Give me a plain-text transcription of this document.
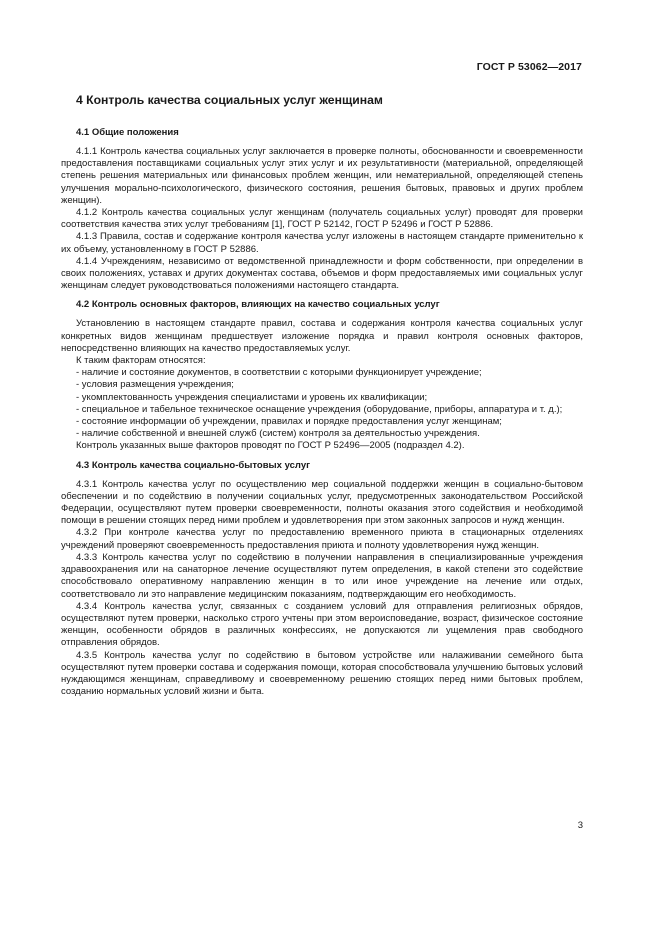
ГОСТ Р 53062—2017
4 Контроль качества социальных услуг женщинам
4.1 Общие положения

4.1.1 Контроль качества социальных услуг заключается в проверке полноты, обоснованности и своевременности предоставления поставщиками социальных услуг этих услуг и их результативности (материальной, определяющей степень решения материальных или финансовых проблем женщин, или нематериальной, определяющей степень улучшения морально-психологического, физического состояния, решения бытовых, правовых и других проблем женщин).

4.1.2 Контроль качества социальных услуг женщинам (получатель социальных услуг) проводят для проверки соответствия качества этих услуг требованиям [1], ГОСТ Р 52142, ГОСТ Р 52496 и ГОСТ Р 52886.

4.1.3 Правила, состав и содержание контроля качества услуг изложены в настоящем стандарте применительно к их объему, установленному в ГОСТ Р 52886.

4.1.4 Учреждениям, независимо от ведомственной принадлежности и форм собственности, при определении в своих положениях, уставах и других документах состава, объемов и форм предоставляемых ими социальных услуг женщинам следует руководствоваться положениями настоящего стандарта.

4.2 Контроль основных факторов, влияющих на качество социальных услуг

Установлению в настоящем стандарте правил, состава и содержания контроля качества социальных услуг конкретных видов женщинам предшествует изложение порядка и правил контроля основных факторов, непосредственно влияющих на качество предоставляемых услуг.

К таким факторам относятся:

- наличие и состояние документов, в соответствии с которыми функционирует учреждение;

- условия размещения учреждения;

- укомплектованность учреждения специалистами и уровень их квалификации;

- специальное и табельное техническое оснащение учреждения (оборудование, приборы, аппаратура и т. д.);

- состояние информации об учреждении, правилах и порядке предоставления услуг женщинам;

- наличие собственной и внешней служб (систем) контроля за деятельностью учреждения.

Контроль указанных выше факторов проводят по ГОСТ Р 52496—2005 (подраздел 4.2).

4.3 Контроль качества социально-бытовых услуг

4.3.1 Контроль качества услуг по осуществлению мер социальной поддержки женщин в социально-бытовом обеспечении и по содействию в получении социальных услуг, предусмотренных законодательством Российской Федерации, осуществляют путем проверки своевременности, полноты оказания этого содействия и необходимой помощи в решении стоящих перед ними проблем и удовлетворения при этом законных запросов и нужд женщин.

4.3.2 При контроле качества услуг по предоставлению временного приюта в стационарных отделениях учреждений проверяют своевременность предоставления приюта и полноту удовлетворения нужд женщин.

4.3.3 Контроль качества услуг по содействию в получении направления в специализированные учреждения здравоохранения или на санаторное лечение осуществляют путем определения, в какой степени это содействие способствовало оперативному направлению женщин в то или иное учреждение на лечение или отдых, соответствовало ли это направление медицинским показаниям, подтверждающим его необходимость.

4.3.4 Контроль качества услуг, связанных с созданием условий для отправления религиозных обрядов, осуществляют путем проверки, насколько строго учтены при этом вероисповедание, возраст, физическое состояние женщин, особенности обрядов в различных конфессиях, не допускаются ли ущемления прав свободного отправления обрядов.

4.3.5 Контроль качества услуг по содействию в бытовом устройстве или налаживании семейного быта осуществляют путем проверки состава и содержания помощи, которая способствовала улучшению бытовых условий нуждающимся женщинам, справедливому и своевременному решению стоящих перед ними бытовых проблем, созданию нормальных условий жизни и быта.

3
